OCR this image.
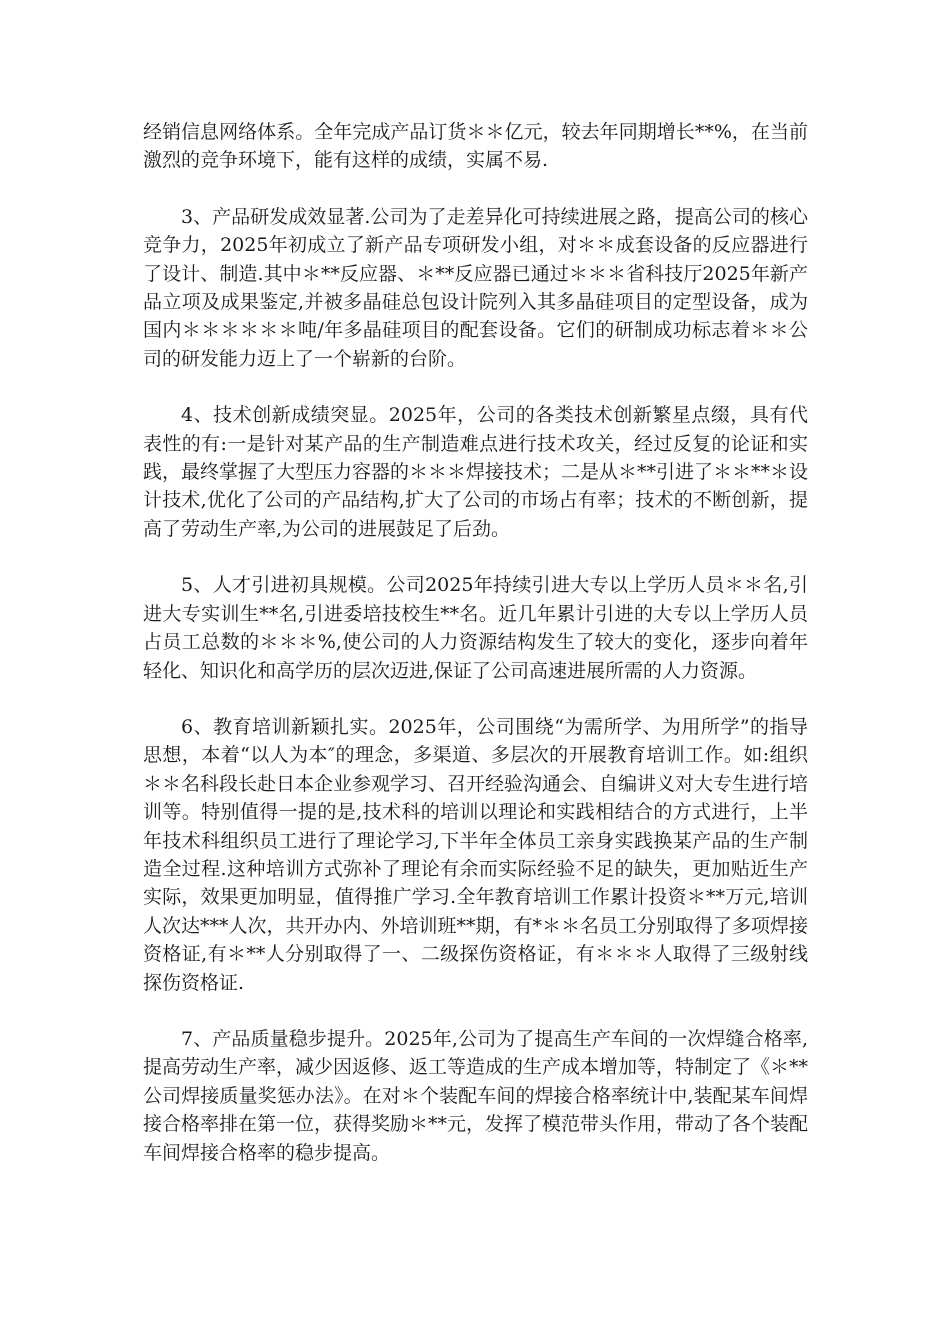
经销信息网络体系。全年完成产品订货＊＊亿元，较去年同期增长**%，在当前激烈的竞争环境下，能有这样的成绩，实属不易.

3、产品研发成效显著.公司为了走差异化可持续进展之路，提高公司的核心竞争力，2025年初成立了新产品专项研发小组，对＊＊成套设备的反应器进行了设计、制造.其中＊**反应器、＊**反应器已通过＊＊＊省科技厅2025年新产品立项及成果鉴定,并被多晶硅总包设计院列入其多晶硅项目的定型设备，成为国内＊＊＊＊＊＊吨/年多晶硅项目的配套设备。它们的研制成功标志着＊＊公司的研发能力迈上了一个崭新的台阶。

4、技术创新成绩突显。2025年，公司的各类技术创新繁星点缀，具有代表性的有:一是针对某产品的生产制造难点进行技术攻关，经过反复的论证和实践，最终掌握了大型压力容器的＊＊＊焊接技术；二是从＊**引进了＊＊**＊设计技术,优化了公司的产品结构,扩大了公司的市场占有率；技术的不断创新，提高了劳动生产率,为公司的进展鼓足了后劲。

5、人才引进初具规模。公司2025年持续引进大专以上学历人员＊＊名,引进大专实训生**名,引进委培技校生**名。近几年累计引进的大专以上学历人员占员工总数的＊＊＊%,使公司的人力资源结构发生了较大的变化，逐步向着年轻化、知识化和高学历的层次迈进,保证了公司高速进展所需的人力资源。

6、教育培训新颖扎实。2025年，公司围绕“为需所学、为用所学”的指导思想，本着“以人为本″的理念，多渠道、多层次的开展教育培训工作。如:组织＊＊名科段长赴日本企业参观学习、召开经验沟通会、自编讲义对大专生进行培训等。特别值得一提的是,技术科的培训以理论和实践相结合的方式进行，上半年技术科组织员工进行了理论学习,下半年全体员工亲身实践换某产品的生产制造全过程.这种培训方式弥补了理论有余而实际经验不足的缺失，更加贴近生产实际，效果更加明显，值得推广学习.全年教育培训工作累计投资＊**万元,培训人次达***人次，共开办内、外培训班**期，有*＊＊名员工分别取得了多项焊接资格证,有＊**人分别取得了一、二级探伤资格证，有＊＊＊人取得了三级射线探伤资格证.

7、产品质量稳步提升。2025年,公司为了提高生产车间的一次焊缝合格率,提高劳动生产率，减少因返修、返工等造成的生产成本增加等，特制定了《＊**公司焊接质量奖惩办法》。在对＊个装配车间的焊接合格率统计中,装配某车间焊接合格率排在第一位，获得奖励＊**元，发挥了模范带头作用，带动了各个装配车间焊接合格率的稳步提高。
